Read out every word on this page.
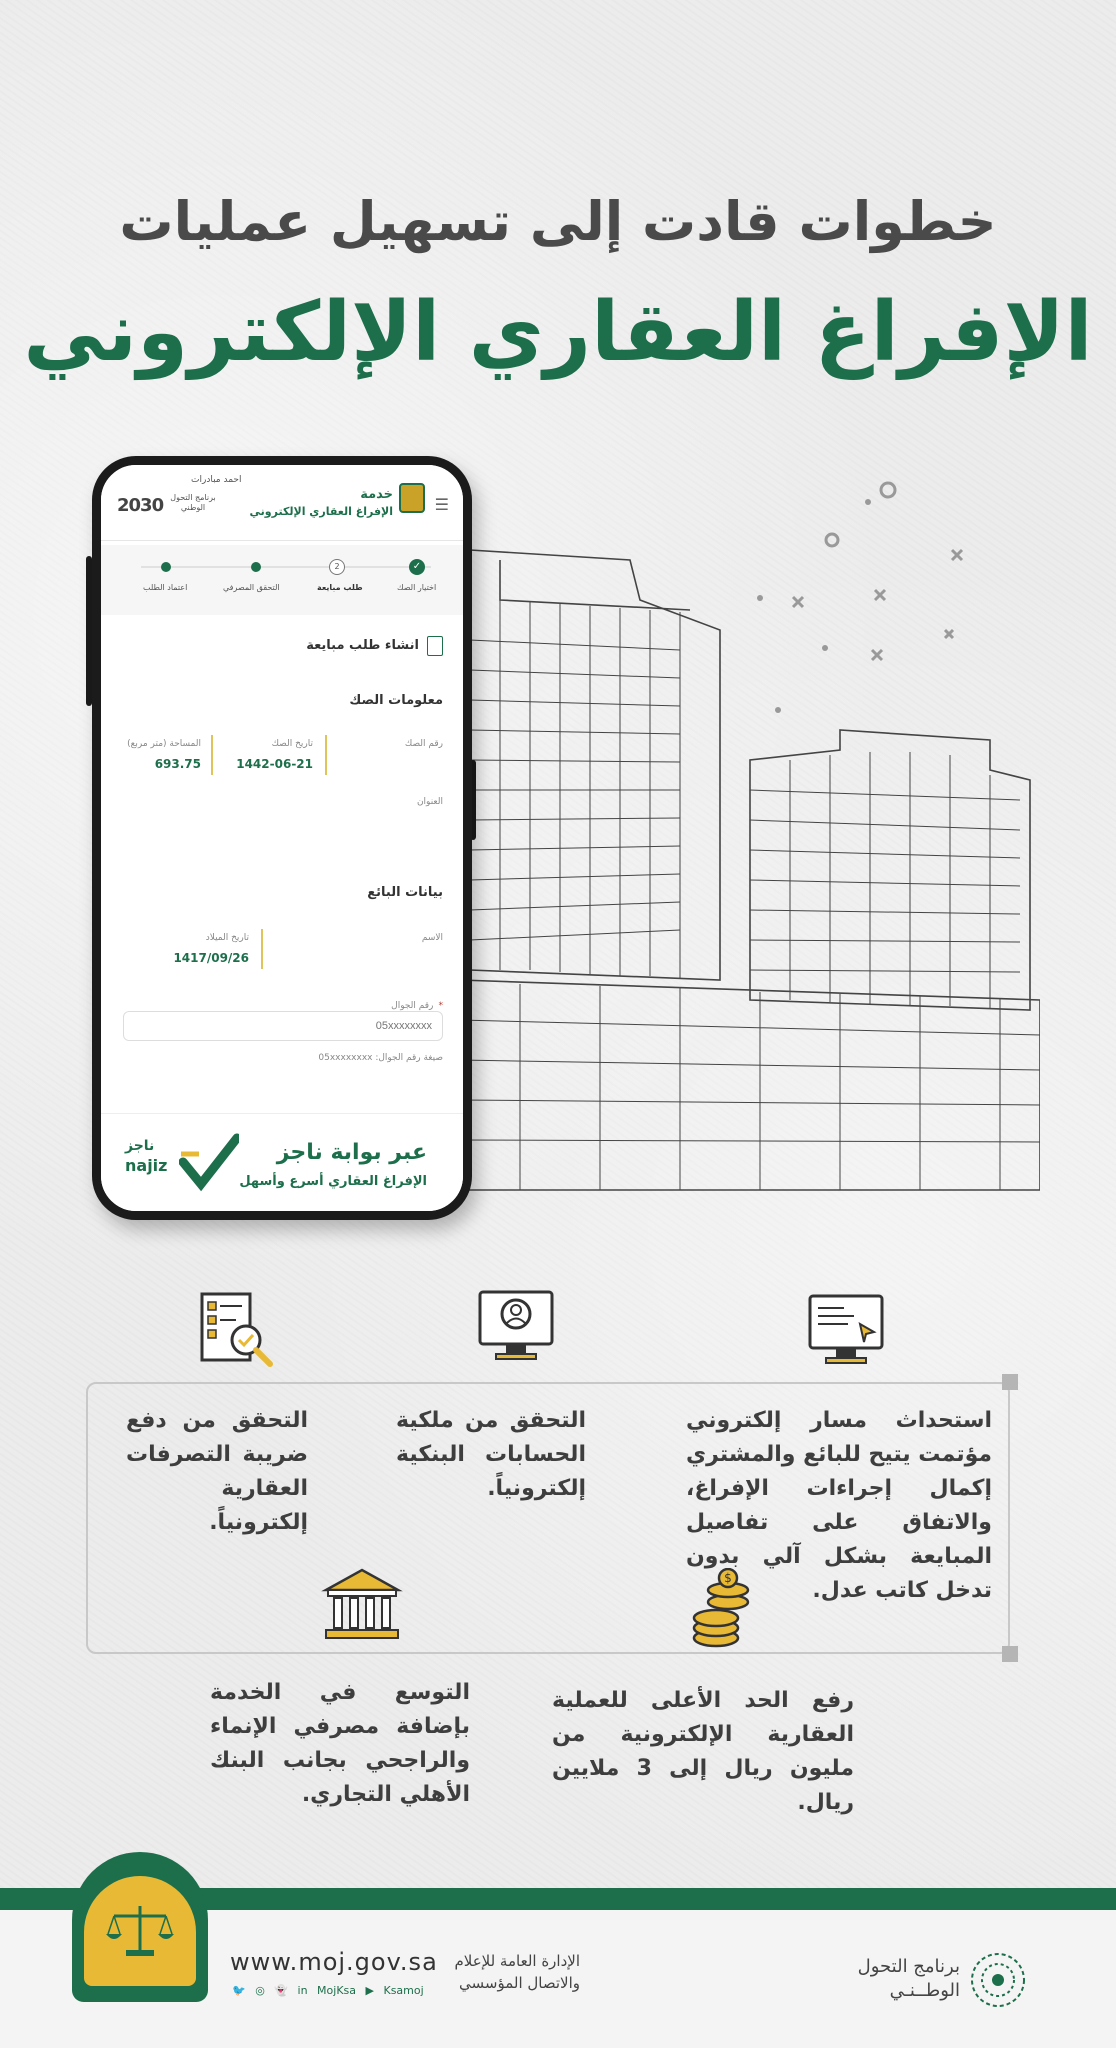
خطوات قادت إلى تسهيل عمليات
الإفراغ العقاري الإلكتروني
☰
خدمة
الإفراغ العقاري الإلكتروني
احمد مبادرات
برنامج التحول الوطني
2030
✓
اختيار الصك
2
طلب مبايعة
التحقق المصرفي
اعتماد الطلب
انشاء طلب مبايعة
معلومات الصك
رقم الصك
تاريخ الصك
1442-06-21
المساحة (متر مربع)
693.75
العنوان
بيانات البائع
الاسم
تاريخ الميلاد
1417/09/26
* رقم الجوال
05xxxxxxxx
صيغة رقم الجوال: 05xxxxxxxx
عبر بوابة ناجز
الإفراغ العقاري أسرع وأسهل
ناجز
najiz
$
استحداث مسار إلكتروني مؤتمت يتيح للبائع والمشتري إكمال إجراءات الإفراغ، والاتفاق على تفاصيل المبايعة بشكل آلي بدون تدخل كاتب عدل.
التحقق من ملكية الحسابات البنكية إلكترونياً.
التحقق من دفع ضريبة التصرفات العقارية إلكترونياً.
رفع الحد الأعلى للعملية العقارية الإلكترونية من مليون ريال إلى 3 ملايين ريال.
التوسع في الخدمة بإضافة مصرفي الإنماء والراجحي بجانب البنك الأهلي التجاري.
www.moj.gov.sa
🐦 ◎ 👻 in MojKsa ▶ Ksamoj
الإدارة العامة للإعلام
والاتصال المؤسسي
برنامج التحول
الوطــنـي
